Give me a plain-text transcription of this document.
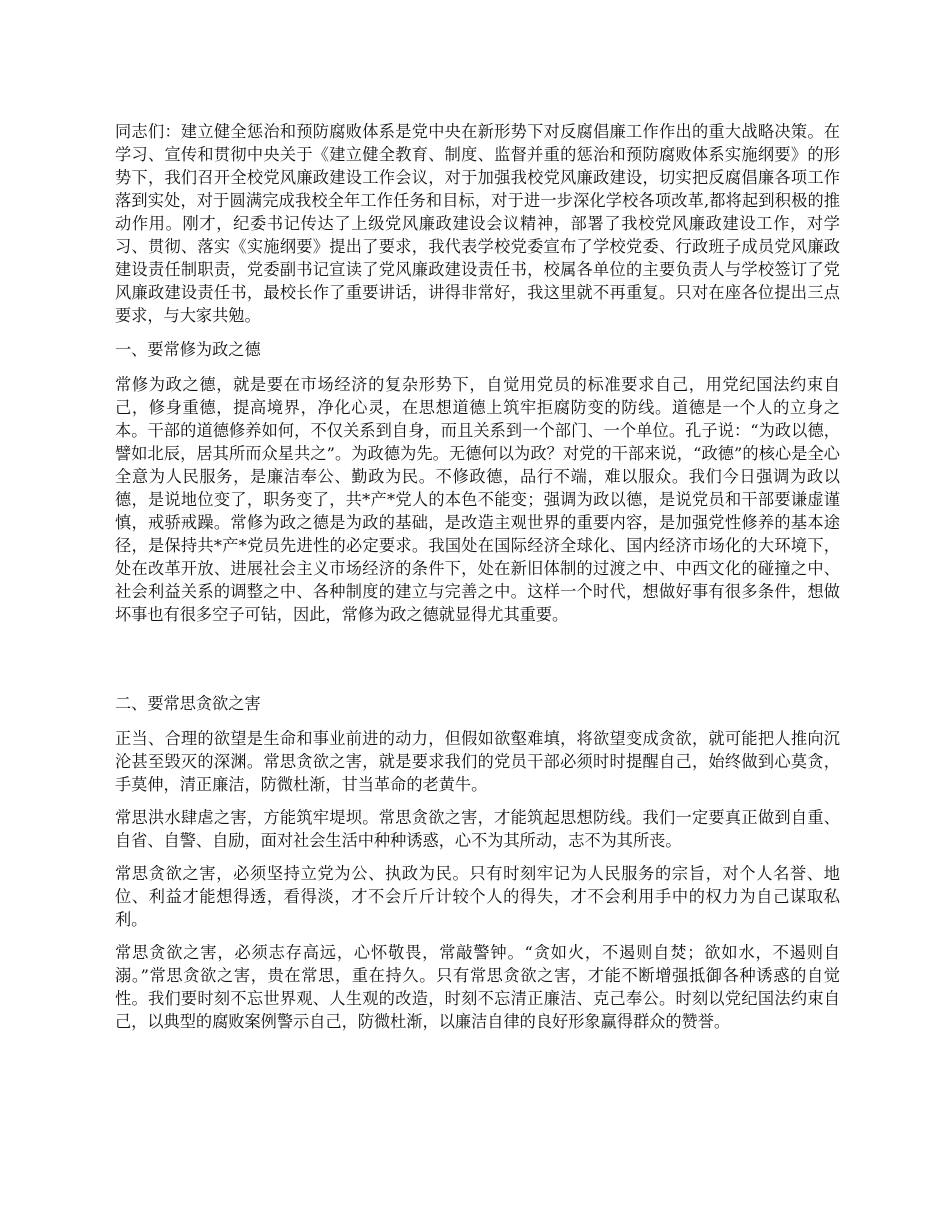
同志们：建立健全惩治和预防腐败体系是党中央在新形势下对反腐倡廉工作作出的重大战略决策。在学习、宣传和贯彻中央关于《建立健全教育、制度、监督并重的惩治和预防腐败体系实施纲要》的形势下，我们召开全校党风廉政建设工作会议，对于加强我校党风廉政建设，切实把反腐倡廉各项工作落到实处，对于圆满完成我校全年工作任务和目标，对于进一步深化学校各项改革,都将起到积极的推动作用。刚才，纪委书记传达了上级党风廉政建设会议精神，部署了我校党风廉政建设工作，对学习、贯彻、落实《实施纲要》提出了要求，我代表学校党委宣布了学校党委、行政班子成员党风廉政建设责任制职责，党委副书记宣读了党风廉政建设责任书，校属各单位的主要负责人与学校签订了党风廉政建设责任书，最校长作了重要讲话，讲得非常好，我这里就不再重复。只对在座各位提出三点要求，与大家共勉。

一、要常修为政之德

常修为政之德，就是要在市场经济的复杂形势下，自觉用党员的标准要求自己，用党纪国法约束自己，修身重德，提高境界，净化心灵，在思想道德上筑牢拒腐防变的防线。道德是一个人的立身之本。干部的道德修养如何，不仅关系到自身，而且关系到一个部门、一个单位。孔子说：“为政以德，譬如北辰，居其所而众星共之”。为政德为先。无德何以为政？对党的干部来说，“政德”的核心是全心全意为人民服务，是廉洁奉公、勤政为民。不修政德，品行不端，难以服众。我们今日强调为政以德，是说地位变了，职务变了，共*产*党人的本色不能变；强调为政以德，是说党员和干部要谦虚谨慎，戒骄戒躁。常修为政之德是为政的基础，是改造主观世界的重要内容，是加强党性修养的基本途径，是保持共*产*党员先进性的必定要求。我国处在国际经济全球化、国内经济市场化的大环境下，处在改革开放、进展社会主义市场经济的条件下，处在新旧体制的过渡之中、中西文化的碰撞之中、社会利益关系的调整之中、各种制度的建立与完善之中。这样一个时代，想做好事有很多条件，想做坏事也有很多空子可钻，因此，常修为政之德就显得尤其重要。

二、要常思贪欲之害

正当、合理的欲望是生命和事业前进的动力，但假如欲壑难填，将欲望变成贪欲，就可能把人推向沉沦甚至毁灭的深渊。常思贪欲之害，就是要求我们的党员干部必须时时提醒自己，始终做到心莫贪，手莫伸，清正廉洁，防微杜渐，甘当革命的老黄牛。

常思洪水肆虐之害，方能筑牢堤坝。常思贪欲之害，才能筑起思想防线。我们一定要真正做到自重、自省、自警、自励，面对社会生活中种种诱惑，心不为其所动，志不为其所丧。

常思贪欲之害，必须坚持立党为公、执政为民。只有时刻牢记为人民服务的宗旨，对个人名誉、地位、利益才能想得透，看得淡，才不会斤斤计较个人的得失，才不会利用手中的权力为自己谋取私利。

常思贪欲之害，必须志存高远，心怀敬畏，常敲警钟。“贪如火，不遏则自焚；欲如水，不遏则自溺。”常思贪欲之害，贵在常思，重在持久。只有常思贪欲之害，才能不断增强抵御各种诱惑的自觉性。我们要时刻不忘世界观、人生观的改造，时刻不忘清正廉洁、克己奉公。时刻以党纪国法约束自己，以典型的腐败案例警示自己，防微杜渐，以廉洁自律的良好形象赢得群众的赞誉。
